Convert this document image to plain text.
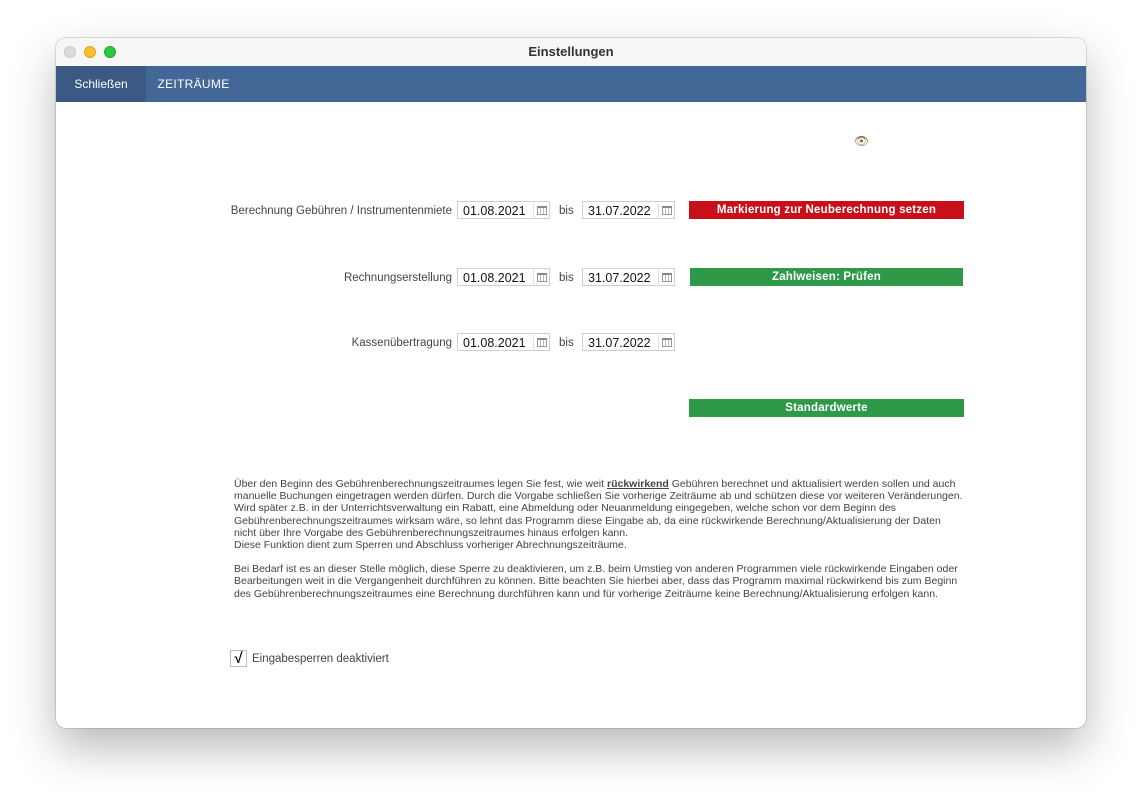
Einstellungen
Schließen	ZEITRÄUME
👁
Berechnung Gebühren / Instrumentenmiete 01.08.2021	bis 31.07.2022	Markierung zur Neuberechnung setzen
Rechnungserstellung 01.08.2021	bis 31.07.2022	Zahlweisen: Prüfen
Kassenübertragung 01.08.2021	bis 31.07.2022
Standardwerte

Über den Beginn des Gebührenberechnungszeitraumes legen Sie fest, wie weit rückwirkend Gebühren berechnet und aktualisiert werden sollen und auch manuelle Buchungen eingetragen werden dürfen. Durch die Vorgabe schließen Sie vorherige Zeiträume ab und schützen diese vor weiteren Veränderungen.

Wird später z.B. in der Unterrichtsverwaltung ein Rabatt, eine Abmeldung oder Neuanmeldung eingegeben, welche schon vor dem Beginn des Gebührenberechnungszeitraumes wirksam wäre, so lehnt das Programm diese Eingabe ab, da eine rückwirkende Berechnung/Aktualisierung der Daten nicht über Ihre Vorgabe des Gebührenberechnungszeitraumes hinaus erfolgen kann.

Diese Funktion dient zum Sperren und Abschluss vorheriger Abrechnungszeiträume.

Bei Bedarf ist es an dieser Stelle möglich, diese Sperre zu deaktivieren, um z.B. beim Umstieg von anderen Programmen viele rückwirkende Eingaben oder Bearbeitungen weit in die Vergangenheit durchführen zu können. Bitte beachten Sie hierbei aber, dass das Programm maximal rückwirkend bis zum Beginn des Gebührenberechnungszeitraumes eine Berechnung durchführen kann und für vorherige Zeiträume keine Berechnung/Aktualisierung erfolgen kann.

√ Eingabesperren deaktiviert
